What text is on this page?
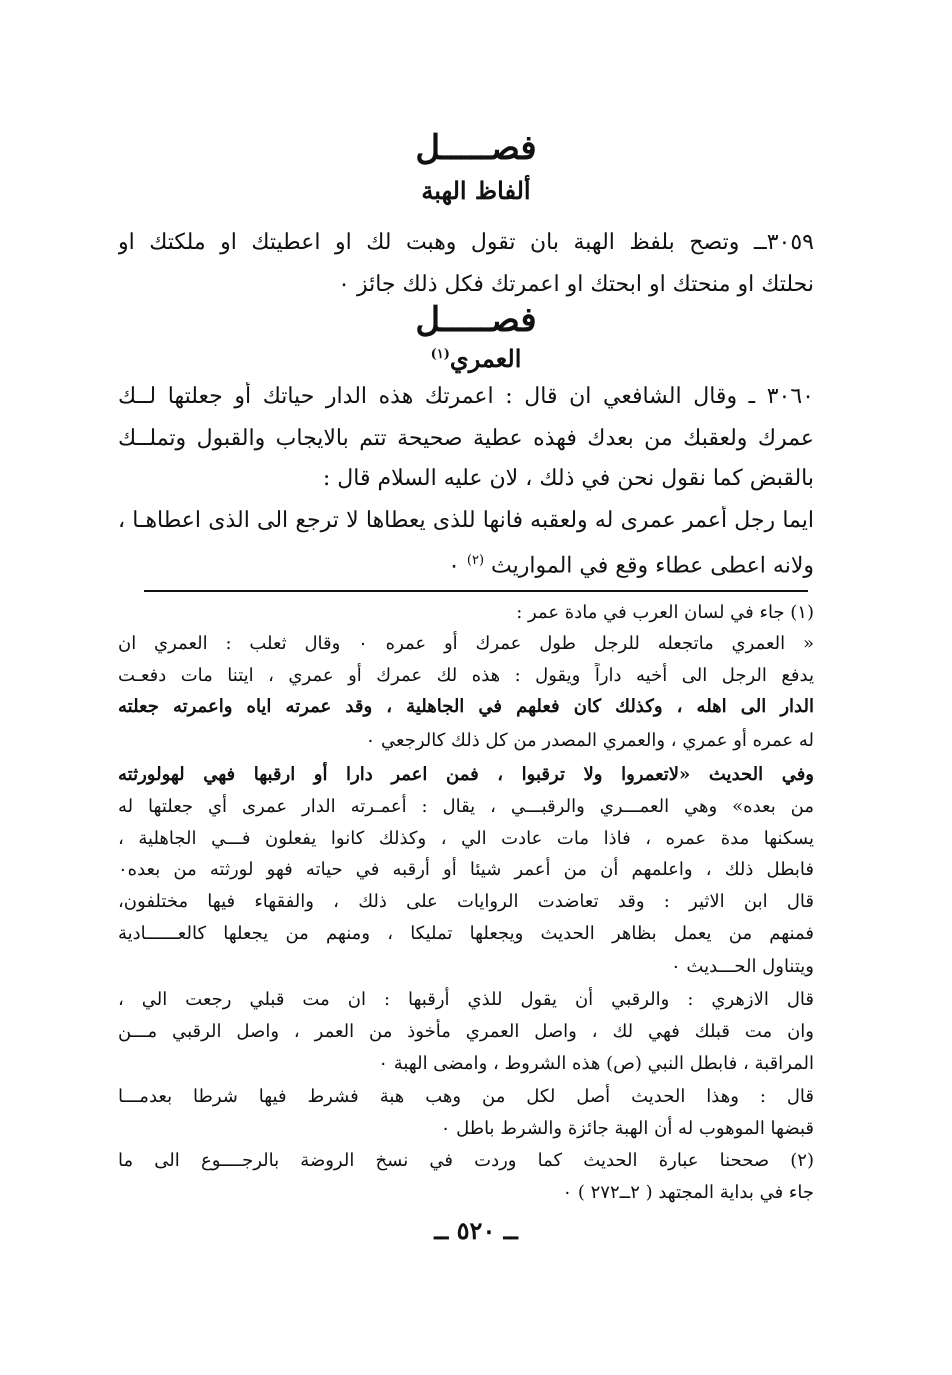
فصـــــل
ألفاظ الهبة
٣٠٥٩ــ وتصح بلفظ الهبة بان تقول وهبت لك او اعطيتك او ملكتك او
نحلتك او منحتك او ابحتك او اعمرتك فكل ذلك جائز ٠
فصـــــل
العمري$^{(١)}$
٣٠٦٠ ـ وقال الشافعي ان قال : اعمرتك هذه الدار حياتك أو جعلتها لــك
عمرك ولعقبك من بعدك فهذه عطية صحيحة تتم بالايجاب والقبول وتملــك
بالقبض كما نقول نحن في ذلك ، لان عليه السلام قال :
ايما رجل أعمر عمرى له ولعقبه فانها للذى يعطاها لا ترجع الى الذى اعطاهـا ،
ولانه اعطى عطاء وقع في المواريث $^{(٢)}$ ٠
(١) جاء في لسان العرب في مادة عمر :
« العمري ماتجعله للرجل طول عمرك أو عمره ٠ وقال ثعلب : العمري ان
يدفع الرجل الى أخيه داراً ويقول : هذه لك عمرك أو عمري ، ايتنا مات دفعـت
الدار الى اهله ، وكذلك كان فعلهم في الجاهلية ، وقد عمرته اياه واعمرته جعلته
له عمره أو عمري ، والعمري المصدر من كل ذلك كالرجعي ٠
وفي الحديث «لاتعمروا ولا ترقبوا ، فمن اعمر دارا أو ارقبها فهي لهولورثته
من بعده» وهي العمـــري والرقبـــي ، يقال : أعمـرته الدار عمرى أي جعلتها له
يسكنها مدة عمره ، فاذا مات عادت الي ، وكذلك كانوا يفعلون فـــي الجاهلية ،
فابطل ذلك ، واعلمهم أن من أعمر شيئا أو أرقبه في حياته فهو لورثته من بعده٠
قال ابن الاثير : وقد تعاضدت الروايات على ذلك ، والفقهاء فيها مختلفون،
فمنهم من يعمل بظاهر الحديث ويجعلها تمليكا ، ومنهم من يجعلها كالعــــــادية
ويتناول الحـــديث ٠
قال الازهري : والرقبي أن يقول للذي أرقبها : ان مت قبلي رجعت الي ،
وان مت قبلك فهي لك ، واصل العمري مأخوذ من العمر ، واصل الرقبي مـــن
المراقبة ، فابطل النبي (ص) هذه الشروط ، وامضى الهبة ٠
قال : وهذا الحديث أصل لكل من وهب هبة فشرط فيها شرطا بعدمـــا
قبضها الموهوب له أن الهبة جائزة والشرط باطل ٠
(٢) صححنا عبارة الحديث كما وردت في نسخ الروضة بالرجــــوع الى ما
جاء في بداية المجتهد ( ٢ــ٢٧٢ ) ٠
ــ ٥٢٠ ــ
